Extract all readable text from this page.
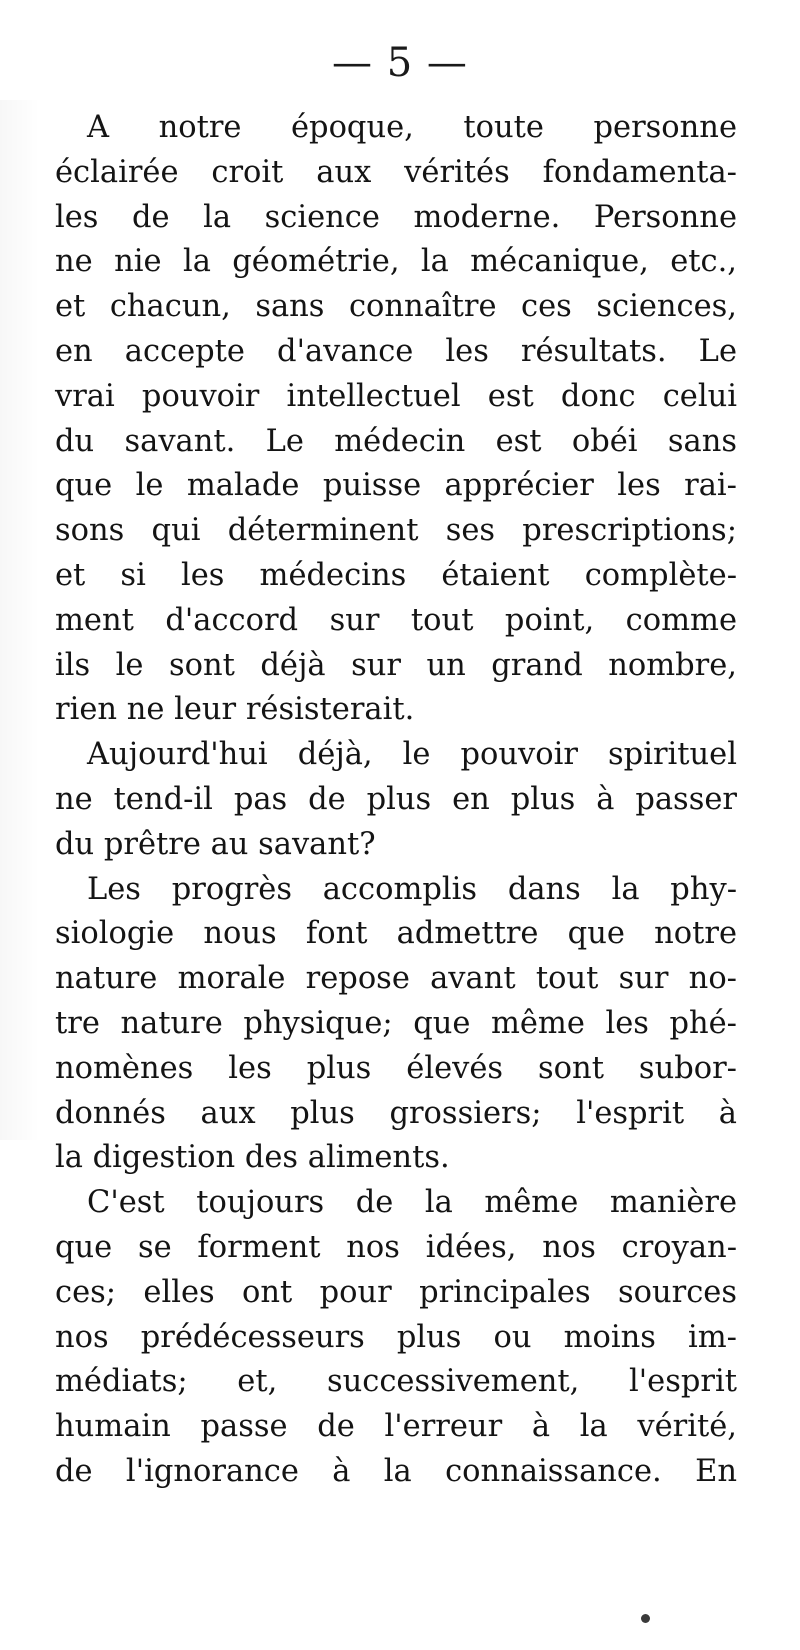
— 5 —
A notre époque, toute personne
éclairée croit aux vérités fondamenta-
les de la science moderne. Personne
ne nie la géométrie, la mécanique, etc.,
et chacun, sans connaître ces sciences,
en accepte d'avance les résultats. Le
vrai pouvoir intellectuel est donc celui
du savant. Le médecin est obéi sans
que le malade puisse apprécier les rai-
sons qui déterminent ses prescriptions;
et si les médecins étaient complète-
ment d'accord sur tout point, comme
ils le sont déjà sur un grand nombre,
rien ne leur résisterait.
Aujourd'hui déjà, le pouvoir spirituel
ne tend-il pas de plus en plus à passer
du prêtre au savant?
Les progrès accomplis dans la phy-
siologie nous font admettre que notre
nature morale repose avant tout sur no-
tre nature physique; que même les phé-
nomènes les plus élevés sont subor-
donnés aux plus grossiers; l'esprit à
la digestion des aliments.
C'est toujours de la même manière
que se forment nos idées, nos croyan-
ces; elles ont pour principales sources
nos prédécesseurs plus ou moins im-
médiats; et, successivement, l'esprit
humain passe de l'erreur à la vérité,
de l'ignorance à la connaissance. En
